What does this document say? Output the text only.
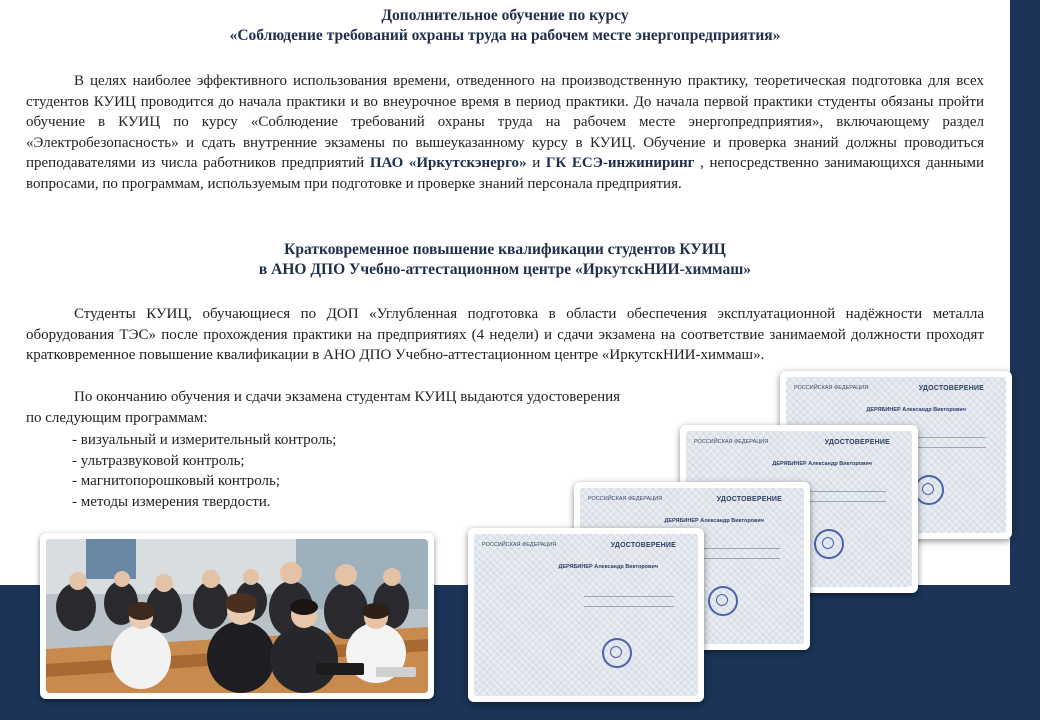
Дополнительное обучение по курсу
«Соблюдение требований охраны труда на рабочем месте энергопредприятия»
В целях наиболее эффективного использования времени, отведенного на производственную практику, теоретическая подготовка для всех студентов КУИЦ проводится до начала практики и во внеурочное время в период практики. До начала первой практики студенты обязаны пройти обучение в КУИЦ по курсу «Соблюдение требований охраны труда на рабочем месте энергопредприятия», включающему раздел «Электробезопасность» и сдать внутренние экзамены по вышеуказанному курсу в КУИЦ. Обучение и проверка знаний должны проводиться преподавателями из числа работников предприятий ПАО «Иркутскэнерго» и ГК ЕСЭ-инжиниринг , непосредственно занимающихся данными вопросами, по программам, используемым при подготовке и проверке знаний персонала предприятия.
Кратковременное повышение квалификации студентов КУИЦ
в АНО ДПО Учебно-аттестационном центре «ИркутскНИИ-химмаш»
Студенты КУИЦ, обучающиеся по ДОП «Углубленная подготовка в области обеспечения эксплуатационной надёжности металла оборудования ТЭС» после прохождения практики на предприятиях (4 недели) и сдачи экзамена на соответствие занимаемой должности проходят кратковременное повышение квалификации в АНО ДПО Учебно-аттестационном центре «ИркутскНИИ-химмаш».
По окончанию обучения и сдачи экзамена студентам КУИЦ выдаются удостоверения
по следующим программам:
- визуальный и измерительный контроль;
- ультразвуковой контроль;
- магнитопорошковый контроль;
- методы измерения твердости.
РОССИЙСКАЯ ФЕДЕРАЦИЯ	УДОСТОВЕРЕНИЕ
ДЕРЯБИНЕР Александр Викторович
РОССИЙСКАЯ ФЕДЕРАЦИЯ	УДОСТОВЕРЕНИЕ
ДЕРЯБИНЕР Александр Викторович
РОССИЙСКАЯ ФЕДЕРАЦИЯ	УДОСТОВЕРЕНИЕ
ДЕРЯБИНЕР Александр Викторович
РОССИЙСКАЯ ФЕДЕРАЦИЯ	УДОСТОВЕРЕНИЕ
ДЕРЯБИНЕР Александр Викторович
